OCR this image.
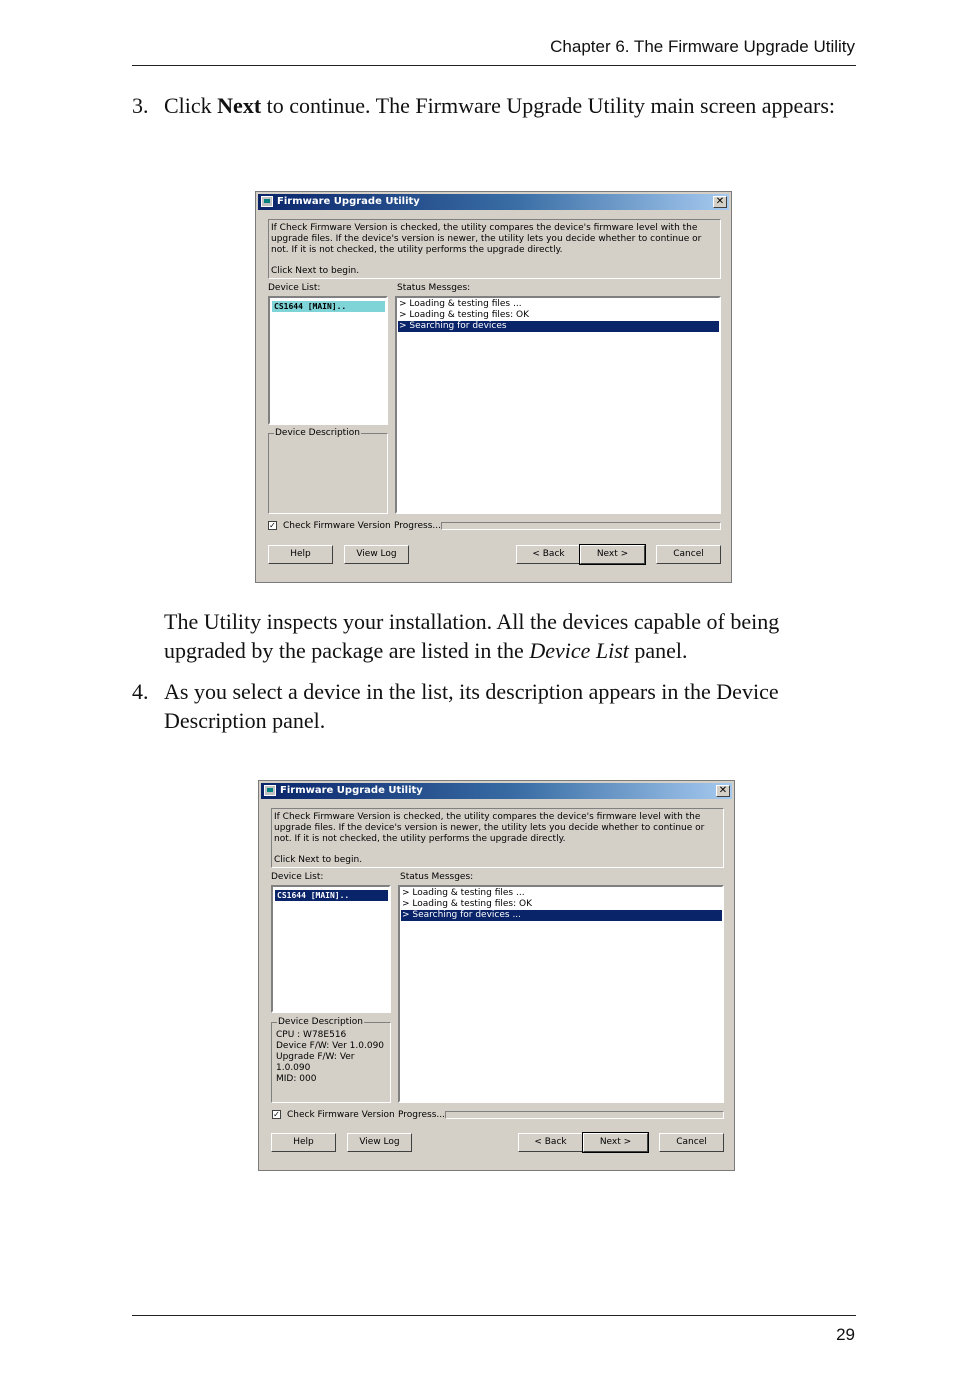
Chapter 6. The Firmware Upgrade Utility
3. Click Next to continue. The Firmware Upgrade Utility main screen appears:
Firmware Upgrade Utility	✕
If Check Firmware Version is checked, the utility compares the device's firmware level with the upgrade files. If the device's version is newer, the utility lets you decide whether to continue or not. If it is not checked, the utility performs the upgrade directly.
Click Next to begin.
Device List:	Status Messges:
CS1644 [MAIN]..	> Loading & testing files ...
> Loading & testing files: OK
> Searching for devices
Device Description
✓ Check Firmware Version Progress...
Help	View Log	< Back	Next >	Cancel
The Utility inspects your installation. All the devices capable of being upgraded by the package are listed in the Device List panel.
4. As you select a device in the list, its description appears in the Device Description panel.
Firmware Upgrade Utility	✕
If Check Firmware Version is checked, the utility compares the device's firmware level with the upgrade files. If the device's version is newer, the utility lets you decide whether to continue or not. If it is not checked, the utility performs the upgrade directly.
Click Next to begin.
Device List:	Status Messges:
CS1644 [MAIN]..	> Loading & testing files ...
> Loading & testing files: OK
> Searching for devices ...
Device Description
CPU : W78E516
Device F/W: Ver 1.0.090
Upgrade F/W: Ver 1.0.090
MID: 000
✓ Check Firmware Version Progress...
Help	View Log	< Back	Next >	Cancel
29
